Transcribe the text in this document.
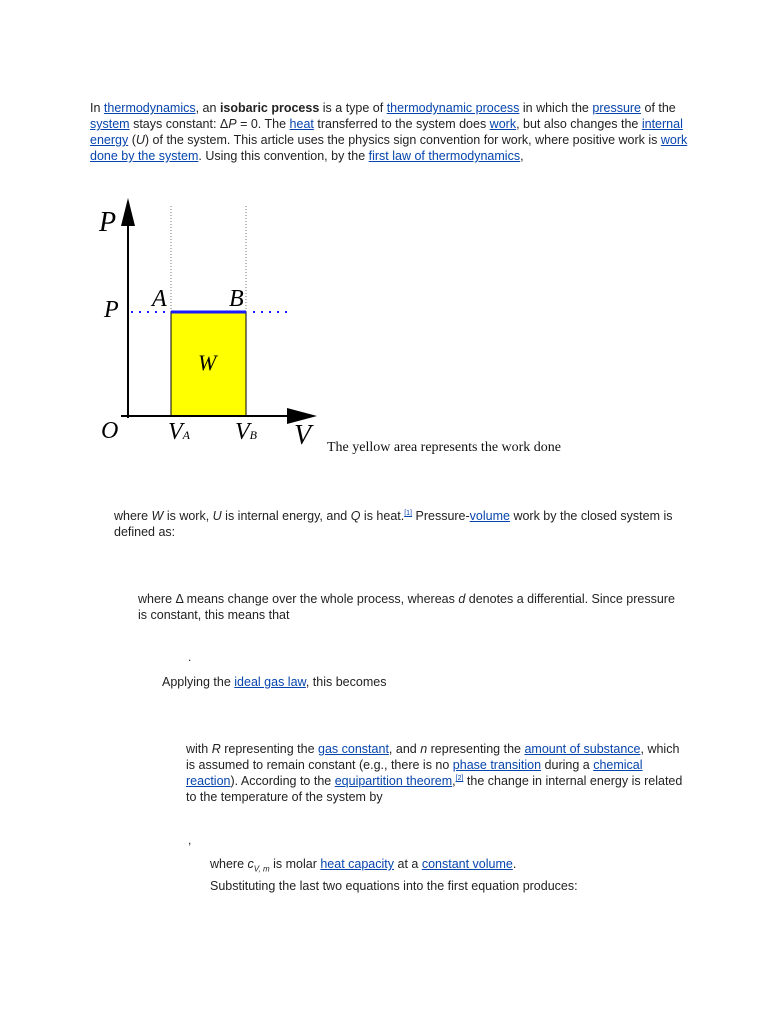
In thermodynamics, an isobaric process is a type of thermodynamic process in which the pressure of the system stays constant: ΔP = 0. The heat transferred to the system does work, but also changes the internal energy (U) of the system. This article uses the physics sign convention for work, where positive work is work done by the system. Using this convention, by the first law of thermodynamics,

P
P A	B
W
O VA VB V The yellow area represents the work done

where W is work, U is internal energy, and Q is heat.[1] Pressure-volume work by the closed system is defined as:

where Δ means change over the whole process, whereas d denotes a differential. Since pressure is constant, this means that

.

Applying the ideal gas law, this becomes

with R representing the gas constant, and n representing the amount of substance, which is assumed to remain constant (e.g., there is no phase transition during a chemical reaction). According to the equipartition theorem,[2] the change in internal energy is related to the temperature of the system by

,

where $c_{V, m}$ is molar heat capacity at a constant volume.

Substituting the last two equations into the first equation produces:
